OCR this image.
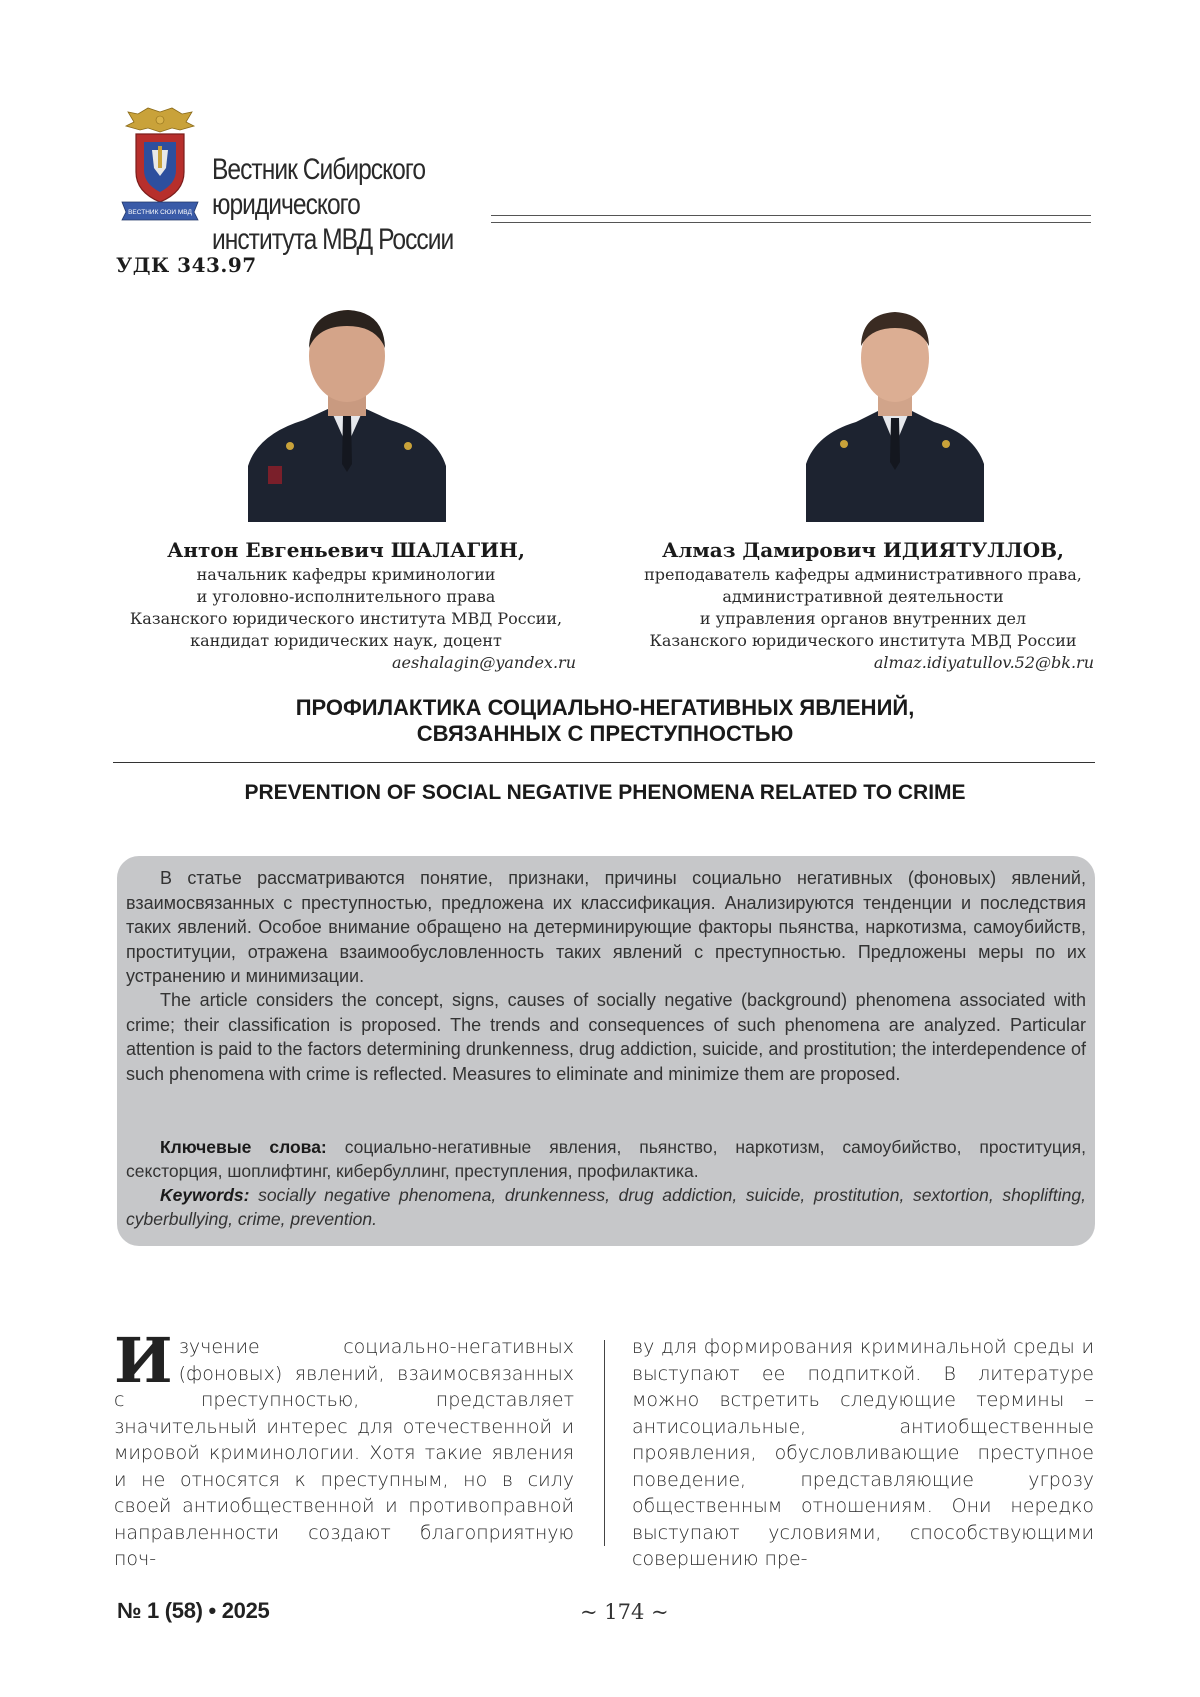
ВЕСТНИК СЮИ МВД
Вестник Сибирского юридического
института МВД России
УДК 343.97
Антон Евгеньевич ШАЛАГИН,
начальник кафедры криминологии
и уголовно-исполнительного права
Казанского юридического института МВД России,
кандидат юридических наук, доцент
aeshalagin@yandex.ru
Алмаз Дамирович ИДИЯТУЛЛОВ,
преподаватель кафедры административного права,
административной деятельности
и управления органов внутренних дел
Казанского юридического института МВД России
almaz.idiyatullov.52@bk.ru
ПРОФИЛАКТИКА СОЦИАЛЬНО-НЕГАТИВНЫХ ЯВЛЕНИЙ,
СВЯЗАННЫХ С ПРЕСТУПНОСТЬЮ
PREVENTION OF SOCIAL NEGATIVE PHENOMENA RELATED TO CRIME

В статье рассматриваются понятие, признаки, причины социально негативных (фоновых) явлений, взаимосвязанных с преступностью, предложена их классификация. Анализируются тенденции и последствия таких явлений. Особое внимание обращено на детерминирующие факторы пьянства, наркотизма, самоубийств, проституции, отражена взаимообусловленность таких явлений с преступностью. Предложены меры по их устранению и минимизации.

The article considers the concept, signs, causes of socially negative (background) phenomena associated with crime; their classification is proposed. The trends and consequences of such phenomena are analyzed. Particular attention is paid to the factors determining drunkenness, drug addiction, suicide, and prostitution; the interdependence of such phenomena with crime is reflected. Measures to eliminate and minimize them are proposed.

Ключевые слова: социально-негативные явления, пьянство, наркотизм, самоубийство, проституция, сексторция, шоплифтинг, кибербуллинг, преступления, профилактика.

Keywords: socially negative phenomena, drunkenness, drug addiction, suicide, prostitution, sextortion, shoplifting, cyberbullying, crime, prevention.

И зучение социально-негативных (фоновых) явлений, взаимосвязанных с преступностью, представляет значительный интерес для отечественной и мировой криминологии. Хотя такие явления и не относятся к преступным, но в силу своей антиобщественной и противоправной направленности создают благоприятную поч-
ву для формирования криминальной среды и выступают ее подпиткой. В литературе можно встретить следующие термины – антисоциальные, антиобщественные проявления, обусловливающие преступное поведение, представляющие угрозу общественным отношениям. Они нередко выступают условиями, способствующими совершению пре-
№ 1 (58) • 2025	~ 174 ~
